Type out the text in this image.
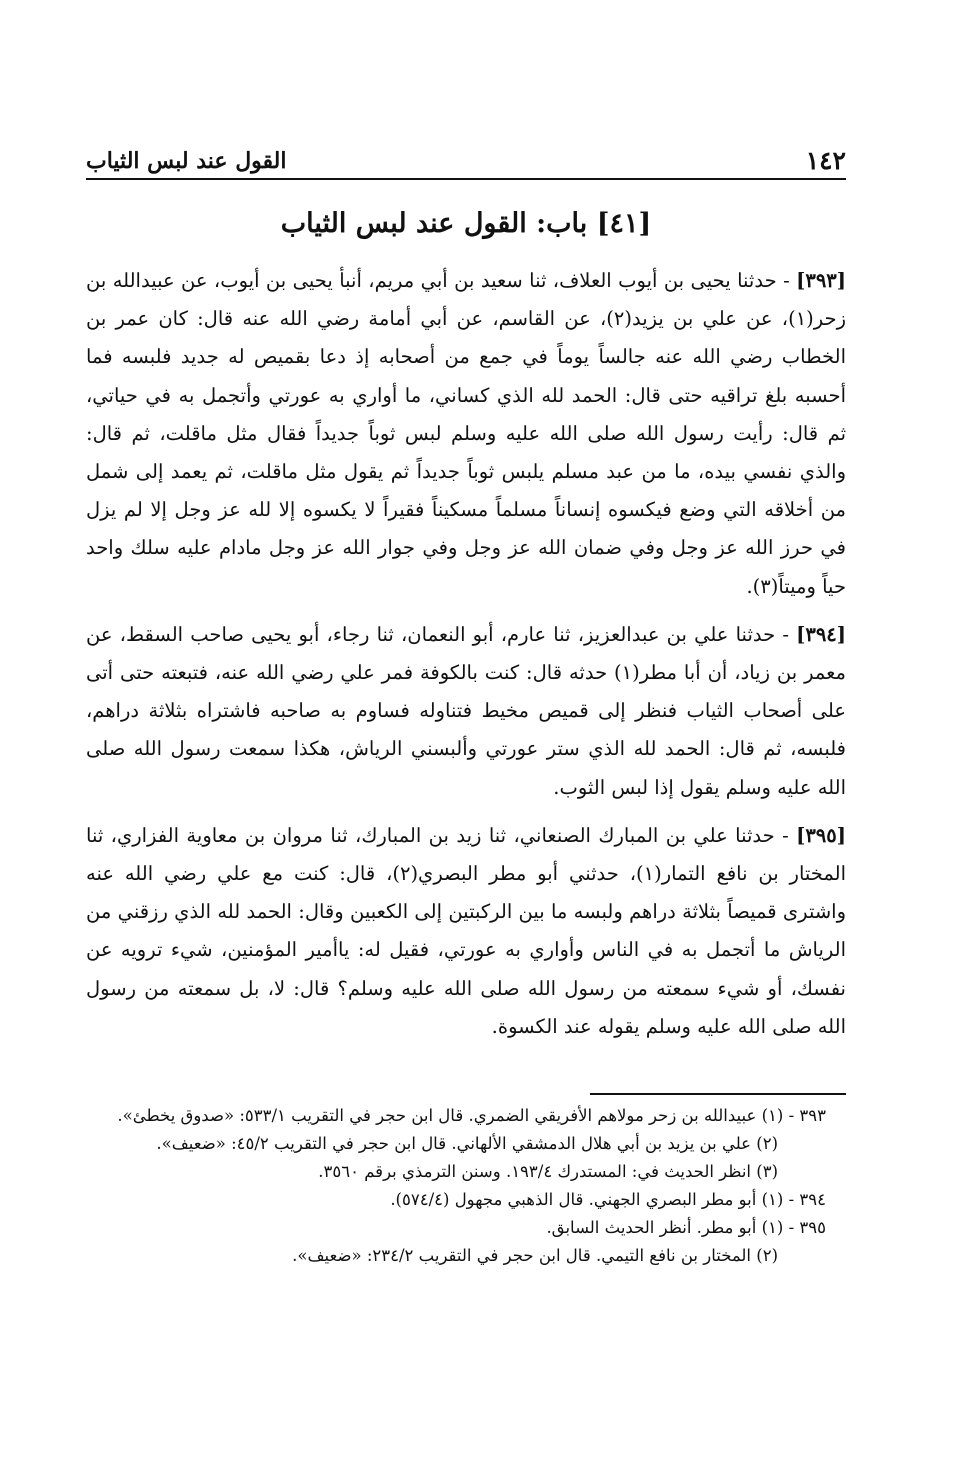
١٤٢
القول عند لبس الثياب
[٤١] باب: القول عند لبس الثياب

[٣٩٣] - حدثنا يحيى بن أيوب العلاف، ثنا سعيد بن أبي مريم، أنبأ يحيى بن أيوب، عن عبيدالله بن زحر(١)، عن علي بن يزيد(٢)، عن القاسم، عن أبي أمامة رضي الله عنه قال: كان عمر بن الخطاب رضي الله عنه جالساً يوماً في جمع من أصحابه إذ دعا بقميص له جديد فلبسه فما أحسبه بلغ تراقيه حتى قال: الحمد لله الذي كساني، ما أواري به عورتي وأتجمل به في حياتي، ثم قال: رأيت رسول الله صلى الله عليه وسلم لبس ثوباً جديداً فقال مثل ماقلت، ثم قال: والذي نفسي بيده، ما من عبد مسلم يلبس ثوباً جديداً ثم يقول مثل ماقلت، ثم يعمد إلى شمل من أخلاقه التي وضع فيكسوه إنساناً مسلماً مسكيناً فقيراً لا يكسوه إلا لله عز وجل إلا لم يزل في حرز الله عز وجل وفي ضمان الله عز وجل وفي جوار الله عز وجل مادام عليه سلك واحد حياً وميتاً(٣).

[٣٩٤] - حدثنا علي بن عبدالعزيز، ثنا عارم، أبو النعمان، ثنا رجاء، أبو يحيى صاحب السقط، عن معمر بن زياد، أن أبا مطر(١) حدثه قال: كنت بالكوفة فمر علي رضي الله عنه، فتبعته حتى أتى على أصحاب الثياب فنظر إلى قميص مخيط فتناوله فساوم به صاحبه فاشتراه بثلاثة دراهم، فلبسه، ثم قال: الحمد لله الذي ستر عورتي وألبسني الرياش، هكذا سمعت رسول الله صلى الله عليه وسلم يقول إذا لبس الثوب.

[٣٩٥] - حدثنا علي بن المبارك الصنعاني، ثنا زيد بن المبارك، ثنا مروان بن معاوية الفزاري، ثنا المختار بن نافع التمار(١)، حدثني أبو مطر البصري(٢)، قال: كنت مع علي رضي الله عنه واشترى قميصاً بثلاثة دراهم ولبسه ما بين الركبتين إلى الكعبين وقال: الحمد لله الذي رزقني من الرياش ما أتجمل به في الناس وأواري به عورتي، فقيل له: ياأمير المؤمنين، شيء ترويه عن نفسك، أو شيء سمعته من رسول الله صلى الله عليه وسلم؟ قال: لا، بل سمعته من رسول الله صلى الله عليه وسلم يقوله عند الكسوة.

٣٩٣ - (١) عبيدالله بن زحر مولاهم الأفريقي الضمري. قال ابن حجر في التقريب ٥٣٣/١: «صدوق يخطئ».

(٢) علي بن يزيد بن أبي هلال الدمشقي الألهاني. قال ابن حجر في التقريب ٤٥/٢: «ضعيف».

(٣) انظر الحديث في: المستدرك ١٩٣/٤. وسنن الترمذي برقم ٣٥٦٠.

٣٩٤ - (١) أبو مطر البصري الجهني. قال الذهبي مجهول (٥٧٤/٤).

٣٩٥ - (١) أبو مطر. أنظر الحديث السابق.

(٢) المختار بن نافع التيمي. قال ابن حجر في التقريب ٢٣٤/٢: «ضعيف».
